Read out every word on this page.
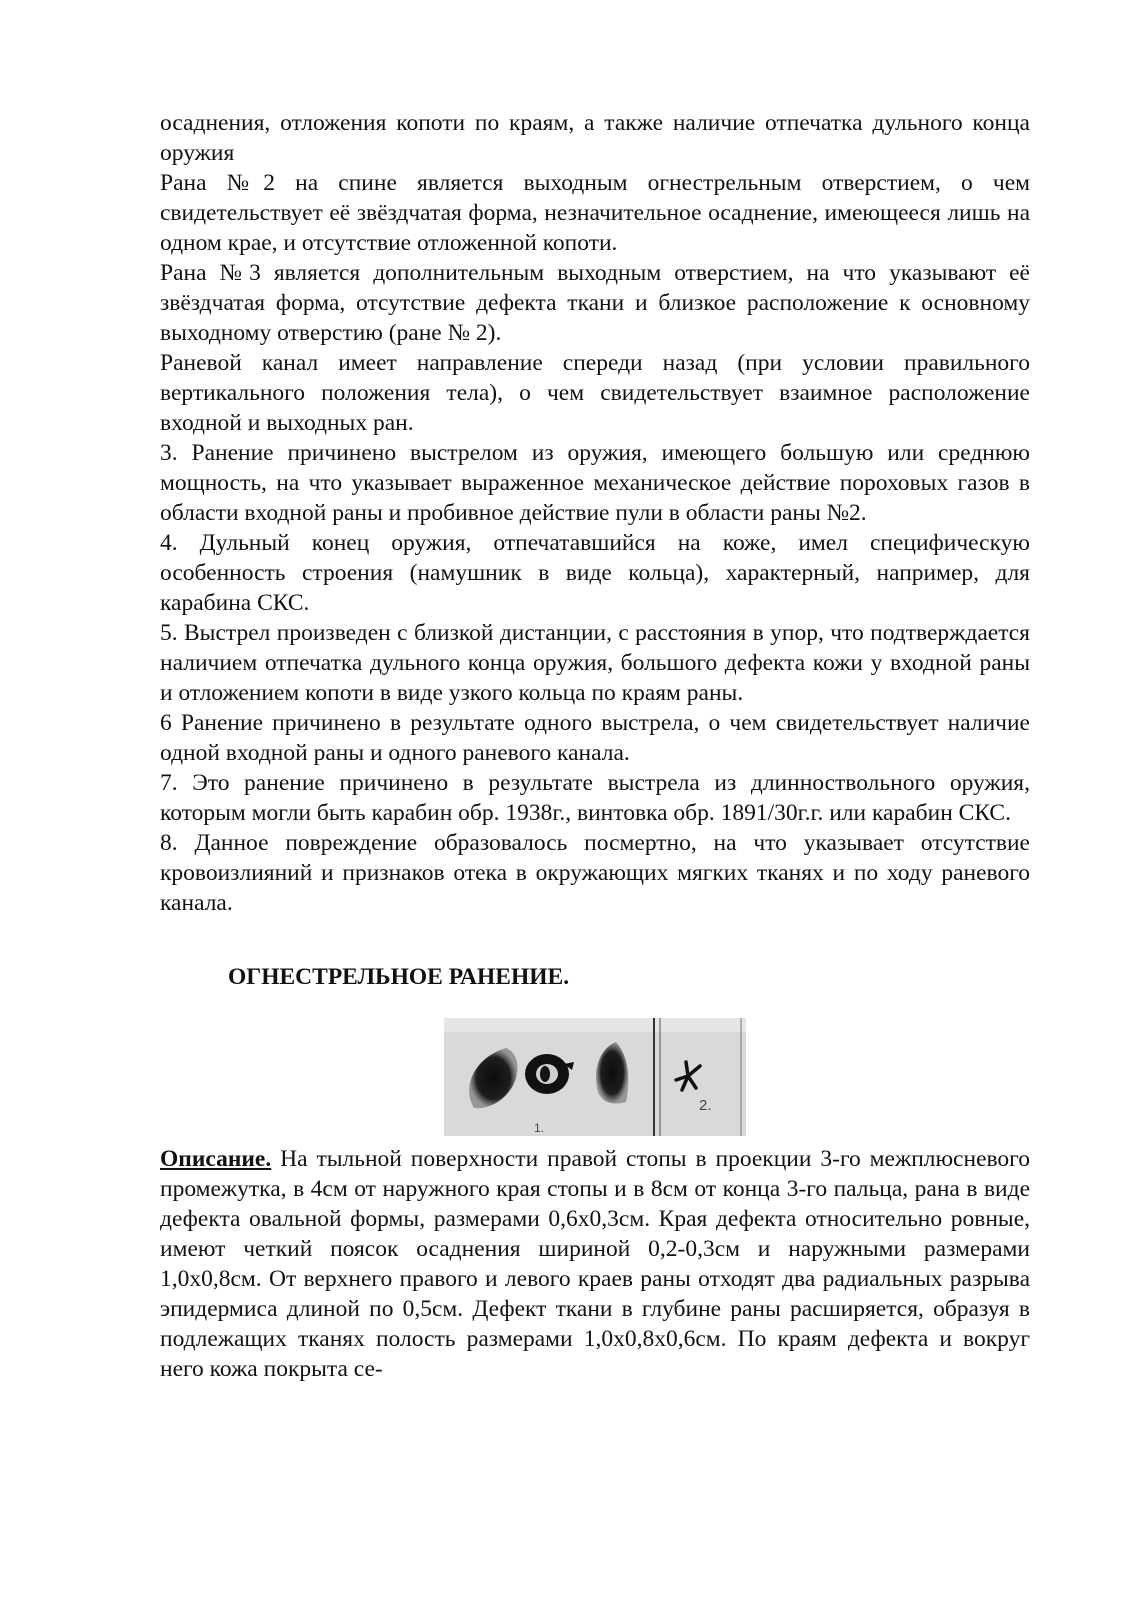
осаднения, отложения копоти по краям, а также наличие отпечатка дульного конца оружия

Рана №2 на спине является выходным огнестрельным отверстием, о чем свидетельствует её звёздчатая форма, незначительное осаднение, имеющееся лишь на одном крае, и отсутствие отложенной копоти.

Рана №3 является дополнительным выходным отверстием, на что указывают её звёздчатая форма, отсутствие дефекта ткани и близкое расположение к основному выходному отверстию (ране № 2).

Раневой канал имеет направление спереди назад (при условии правильного вертикального положения тела), о чем свидетельствует взаимное расположение входной и выходных ран.

3. Ранение причинено выстрелом из оружия, имеющего большую или среднюю мощность, на что указывает выраженное механическое действие пороховых газов в области входной раны и пробивное действие пули в области раны №2.

4. Дульный конец оружия, отпечатавшийся на коже, имел специфическую особенность строения (намушник в виде кольца), характерный, например, для карабина СКС.

5. Выстрел произведен с близкой дистанции, с расстояния в упор, что подтверждается наличием отпечатка дульного конца оружия, большого дефекта кожи у входной раны и отложением копоти в виде узкого кольца по краям раны.

6 Ранение причинено в результате одного выстрела, о чем свидетельствует наличие одной входной раны и одного раневого канала.

7. Это ранение причинено в результате выстрела из длинноствольного оружия, которым могли быть карабин обр. 1938г., винтовка обр. 1891/30г.г. или карабин СКС.

8. Данное повреждение образовалось посмертно, на что указывает отсутствие кровоизлияний и признаков отека в окружающих мягких тканях и по ходу раневого канала.

ОГНЕСТРЕЛЬНОЕ РАНЕНИЕ.
1.
2.

Описание. На тыльной поверхности правой стопы в проекции 3-го межплюсневого промежутка, в 4см от наружного края стопы и в 8см от конца 3-го пальца, рана в виде дефекта овальной формы, размерами 0,6х0,3см. Края дефекта относительно ровные, имеют четкий поясок осаднения шириной 0,2-0,3см и наружными размерами 1,0х0,8см. От верхнего правого и левого краев раны отходят два радиальных разрыва эпидермиса длиной по 0,5см. Дефект ткани в глубине раны расширяется, образуя в подлежащих тканях полость размерами 1,0х0,8х0,6см. По краям дефекта и вокруг него кожа покрыта се-
